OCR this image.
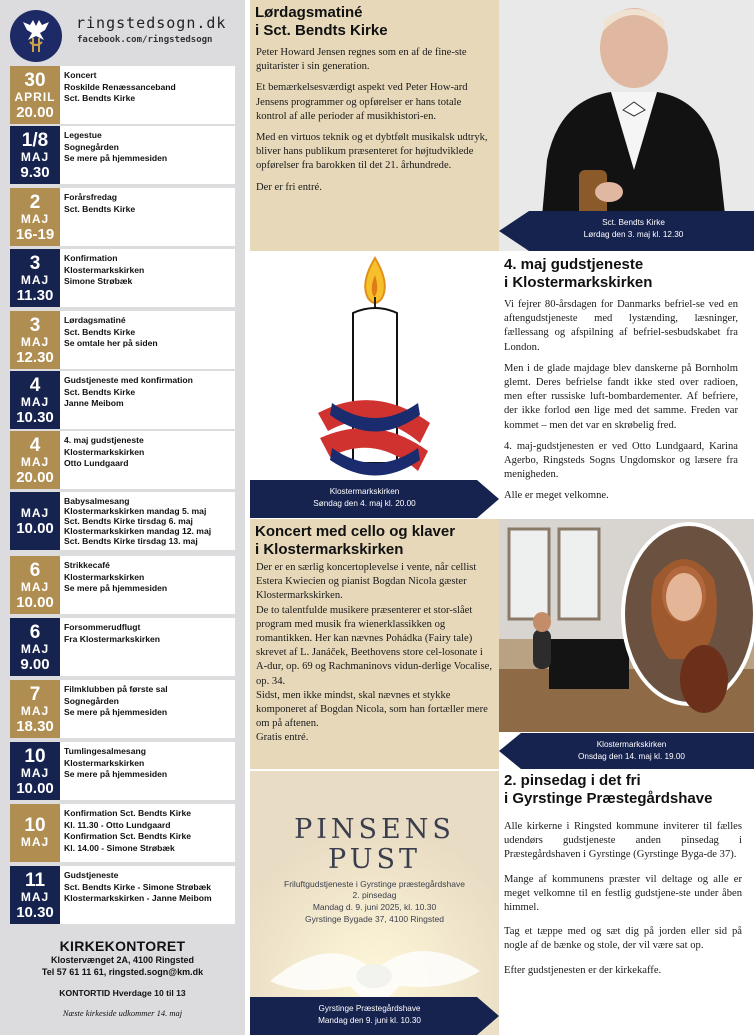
ringstedsogn.dk
facebook.com/ringstedsogn
30
APRIL
20.00
Koncert
Roskilde Renæssanceband
Sct. Bendts Kirke
1/8
MAJ
9.30
Legestue
Sognegården
Se mere på hjemmesiden
2
MAJ
16-19
Forårsfredag
Sct. Bendts Kirke
3
MAJ
11.30
Konfirmation
Klostermarkskirken
Simone Strøbæk
3
MAJ
12.30
Lørdagsmatiné
Sct. Bendts Kirke
Se omtale her på siden
4
MAJ
10.30
Gudstjeneste med konfirmation
Sct. Bendts Kirke
Janne Meibom
4
MAJ
20.00
4. maj gudstjeneste
Klostermarkskirken
Otto Lundgaard
MAJ
10.00
Babysalmesang
Klostermarkskirken mandag 5. maj
Sct. Bendts Kirke tirsdag 6. maj
Klostermarkskirken mandag 12. maj
Sct. Bendts Kirke tirsdag 13. maj
6
MAJ
10.00
Strikkecafé
Klostermarkskirken
Se mere på hjemmesiden
6
MAJ
9.00
Forsommerudflugt
Fra Klostermarkskirken
7
MAJ
18.30
Filmklubben på første sal
Sognegården
Se mere på hjemmesiden
10
MAJ
10.00
Tumlingesalmesang
Klostermarkskirken
Se mere på hjemmesiden
10
MAJ
Konfirmation Sct. Bendts Kirke
Kl. 11.30 - Otto Lundgaard
Konfirmation Sct. Bendts Kirke
Kl. 14.00 - Simone Strøbæk
11
MAJ
10.30
Gudstjeneste
Sct. Bendts Kirke - Simone Strøbæk
Klostermarkskirken - Janne Meibom
KIRKEKONTORET
Klostervænget 2A, 4100 Ringsted
Tel 57 61 11 61, ringsted.sogn@km.dk
KONTORTID Hverdage 10 til 13
Næste kirkeside udkommer 14. maj
Lørdagsmatiné
i Sct. Bendts Kirke
Peter Howard Jensen regnes som en af de fine-ste guitarister i sin generation.
Et bemærkelsesværdigt aspekt ved Peter How-ard Jensens programmer og opførelser er hans totale kontrol af alle perioder af musikhistori-en.
Med en virtuos teknik og et dybtfølt musikalsk udtryk, bliver hans publikum præsenteret for højtudviklede opførelser fra barokken til det 21. århundrede.
Der er fri entré.
Sct. Bendts Kirke
Lørdag den 3. maj kl. 12.30
Klostermarkskirken
Søndag den 4. maj kl. 20.00
4. maj gudstjeneste
i Klostermarkskirken
Vi fejrer 80-årsdagen for Danmarks befriel-se ved en aftengudstjeneste med lystænding, læsninger, fællessang og afspilning af befriel-sesbudskabet fra London.
Men i de glade majdage blev danskerne på Bornholm glemt. Deres befrielse fandt ikke sted over radioen, men efter russiske luft-bombardementer. Af befriere, der ikke forlod øen lige med det samme. Freden var kommet – men det var en skrøbelig fred.
4. maj-gudstjenesten er ved Otto Lundgaard, Karina Agerbo, Ringsteds Sogns Ungdomskor og læsere fra menigheden.
Alle er meget velkomne.
Koncert med cello og klaver
i Klostermarkskirken
Der er en særlig koncertoplevelse i vente, når cellist Estera Kwiecien og pianist Bogdan Nicola gæster Klostermarkskirken.
De to talentfulde musikere præsenterer et stor-slået program med musik fra wienerklassikken og romantikken. Her kan nævnes Pohádka (Fairy tale) skrevet af L. Janáček, Beethovens store cel-losonate i A-dur, op. 69 og Rachmaninovs vidun-derlige Vocalise, op. 34.
Sidst, men ikke mindst, skal nævnes et stykke komponeret af Bogdan Nicola, som han fortæller mere om på aftenen.
Gratis entré.
Klostermarkskirken
Onsdag den 14. maj kl. 19.00
PINSENS
PUST
Friluftgudstjeneste i Gyrstinge præstegårdshave
2. pinsedag
Mandag d. 9. juni 2025, kl. 10.30
Gyrstinge Bygade 37, 4100 Ringsted
Gyrstinge Præstegårdshave
Mandag den 9. juni kl. 10.30
2. pinsedag i det fri
i Gyrstinge Præstegårdshave
Alle kirkerne i Ringsted kommune inviterer til fælles udendørs gudstjeneste anden pinsedag i Præstegårdshaven i Gyrstinge (Gyrstinge Byga-de 37).
Mange af kommunens præster vil deltage og alle er meget velkomne til en festlig gudstjene-ste under åben himmel.
Tag et tæppe med og sæt dig på jorden eller sid på nogle af de bænke og stole, der vil være sat op.
Efter gudstjenesten er der kirkekaffe.
